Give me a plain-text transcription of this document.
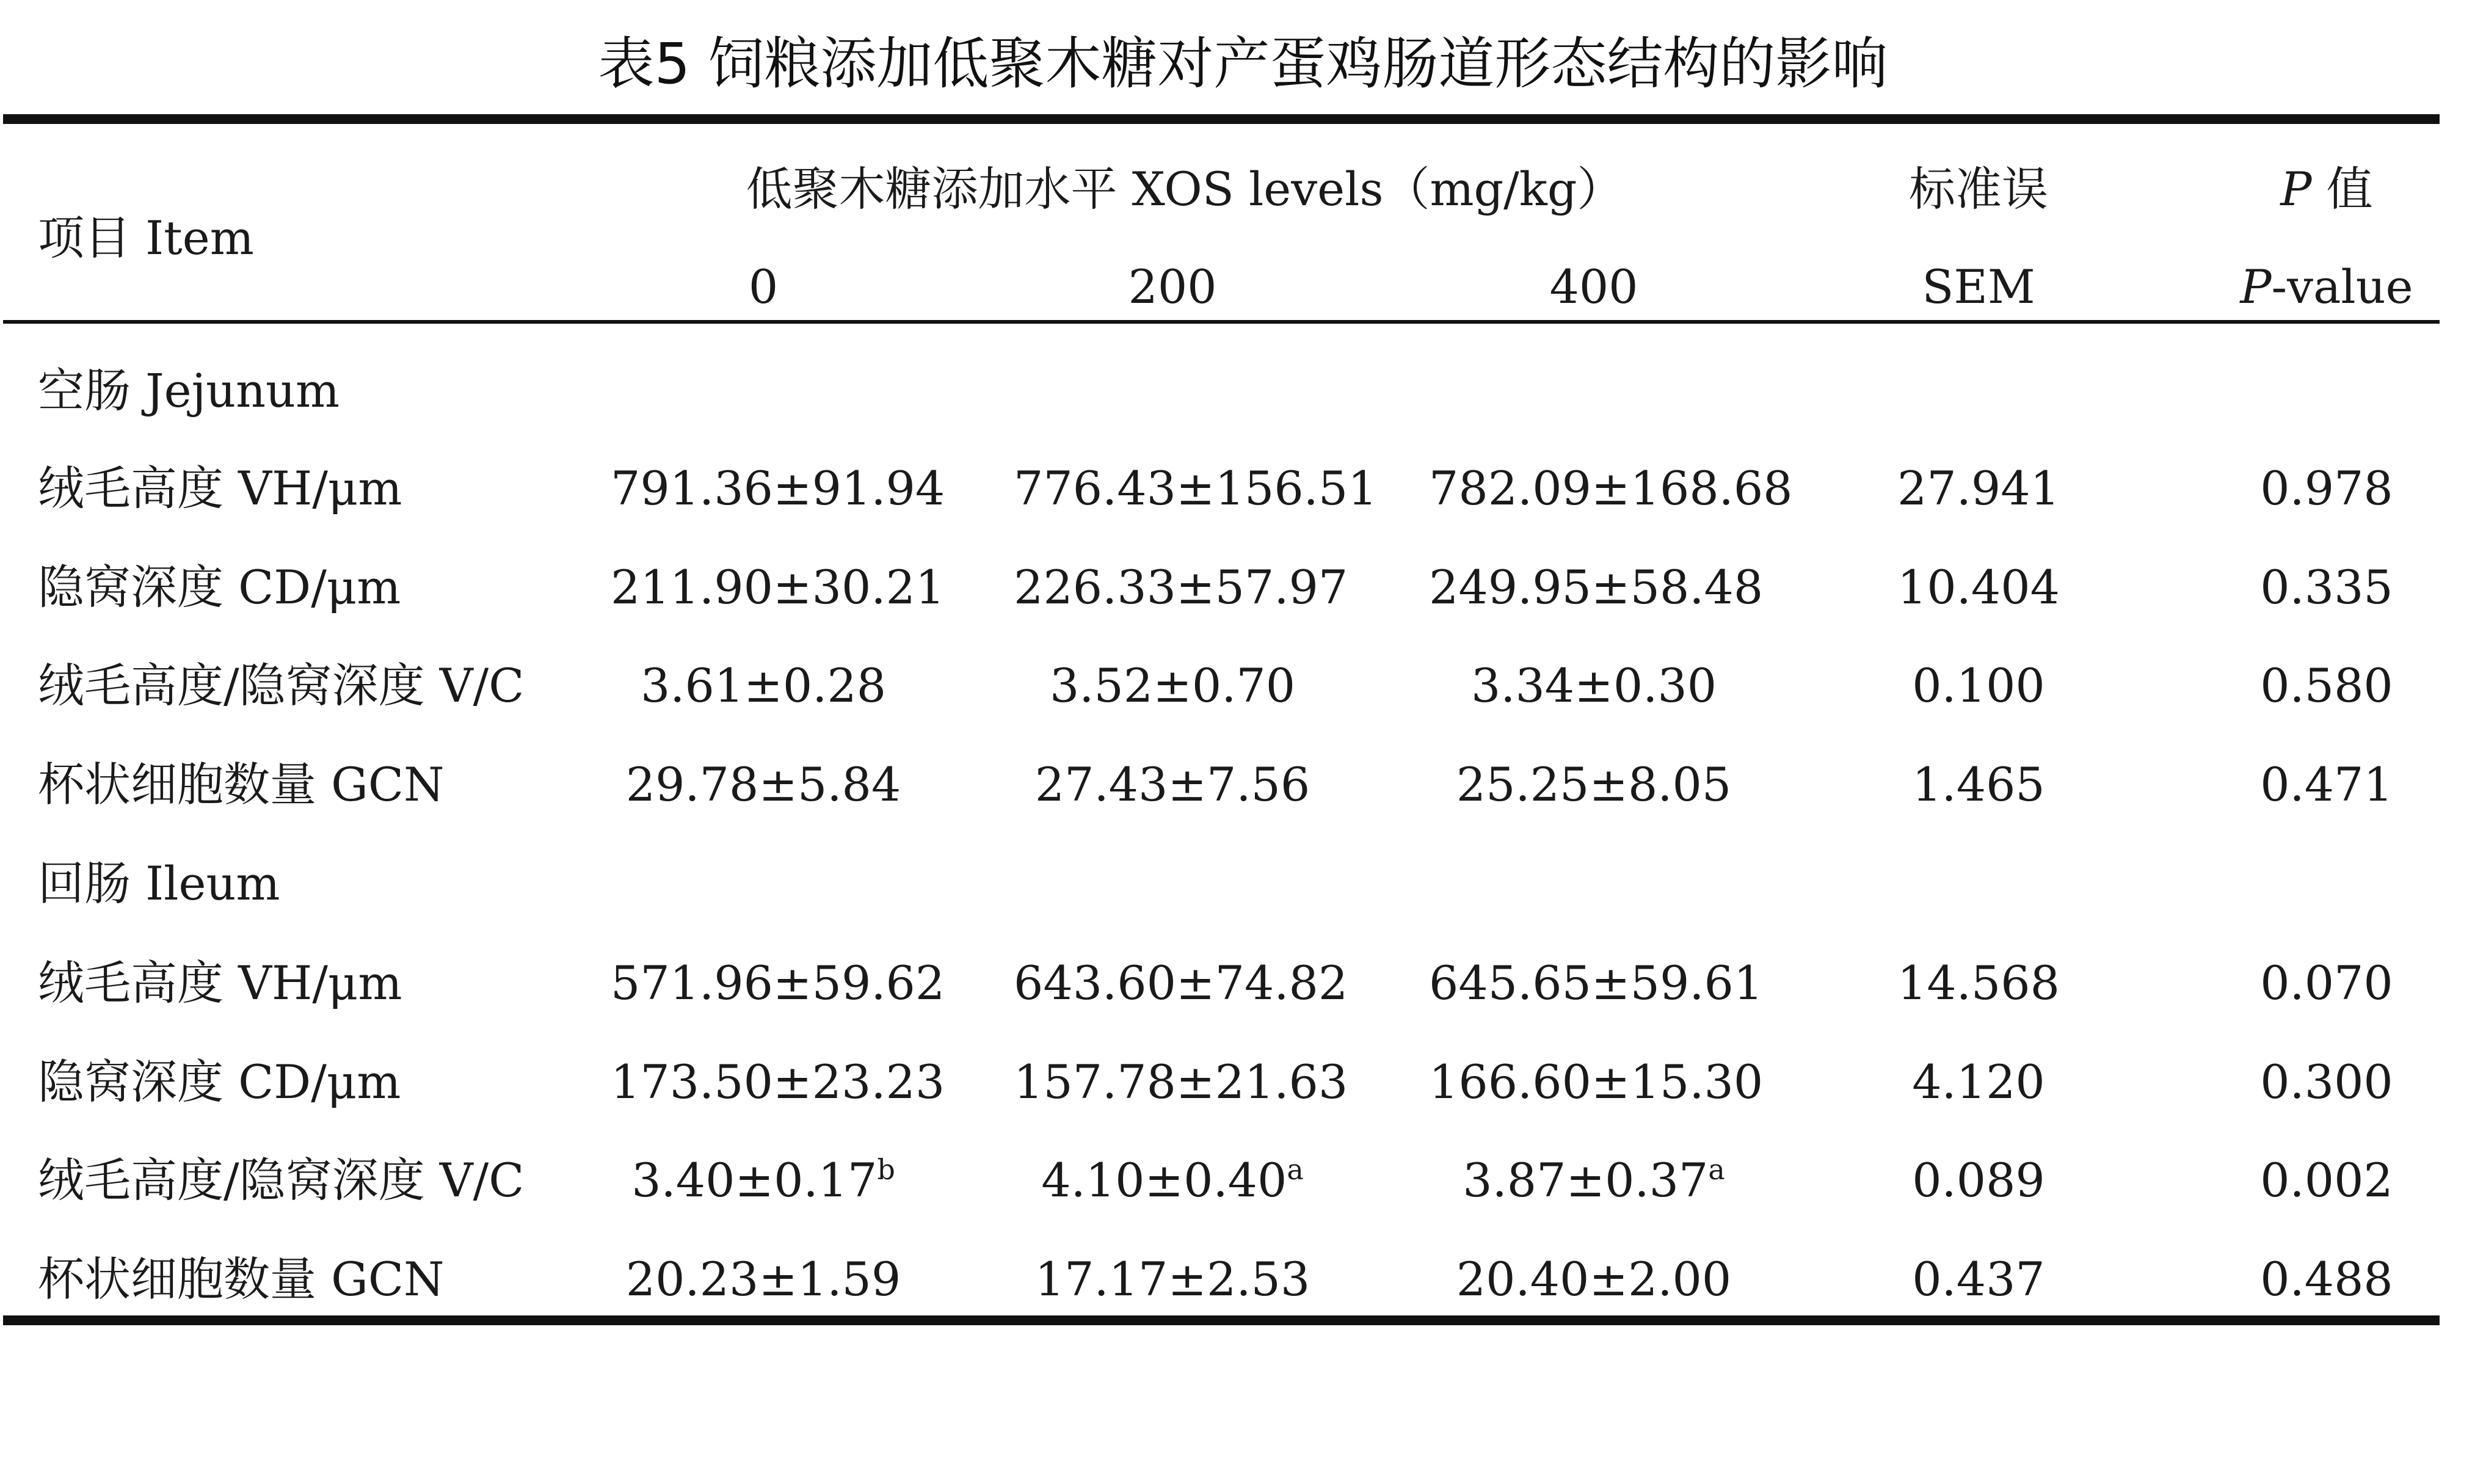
表5 饲粮添加低聚木糖对产蛋鸡肠道形态结构的影响
项目 Item
低聚木糖添加水平 XOS levels（mg/kg）
0	200	400
标准误
SEM
P 值
P-value
空肠 Jejunum
绒毛高度 VH/μm	791.36±91.94 776.43±156.51 782.09±168.68	27.941	0.978
隐窝深度 CD/μm	211.90±30.21 226.33±57.97 249.95±58.48	10.404	0.335
绒毛高度/隐窝深度 V/C	3.61±0.28	3.52±0.70	3.34±0.30	0.100	0.580
杯状细胞数量 GCN	29.78±5.84	27.43±7.56	25.25±8.05	1.465	0.471
回肠 Ileum
绒毛高度 VH/μm	571.96±59.62 643.60±74.82 645.65±59.61	14.568	0.070
隐窝深度 CD/μm	173.50±23.23 157.78±21.63 166.60±15.30	4.120	0.300
绒毛高度/隐窝深度 V/C	3.40±0.17$^b$	4.10±0.40$^a$	3.87±0.37$^a$	0.089	0.002
杯状细胞数量 GCN	20.23±1.59	17.17±2.53	20.40±2.00	0.437	0.488
